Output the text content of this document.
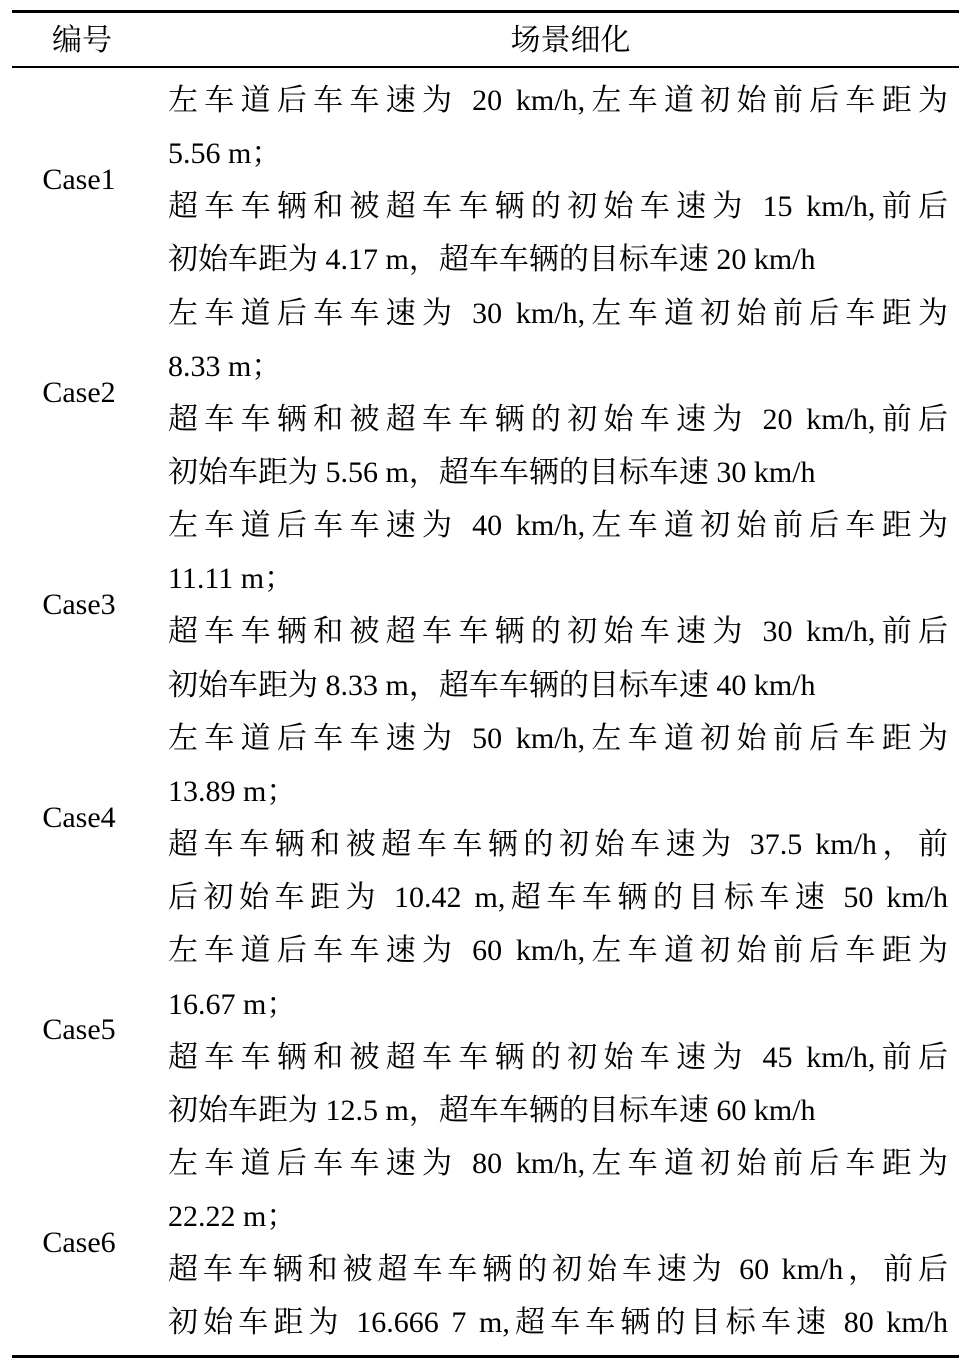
编号	场景细化
Case1
左车道后车车速为 20 km/h,左车道初始前后车距为
5.56 m；
超车车辆和被超车车辆的初始车速为 15 km/h,前后
初始车距为 4.17 m，超车车辆的目标车速 20 km/h
Case2
左车道后车车速为 30 km/h,左车道初始前后车距为
8.33 m；
超车车辆和被超车车辆的初始车速为 20 km/h,前后
初始车距为 5.56 m，超车车辆的目标车速 30 km/h
Case3
左车道后车车速为 40 km/h,左车道初始前后车距为
11.11 m；
超车车辆和被超车车辆的初始车速为 30 km/h,前后
初始车距为 8.33 m，超车车辆的目标车速 40 km/h
Case4
左车道后车车速为 50 km/h,左车道初始前后车距为
13.89 m；
超车车辆和被超车车辆的初始车速为 37.5 km/h，前
后初始车距为 10.42 m,超车车辆的目标车速 50 km/h
Case5
左车道后车车速为 60 km/h,左车道初始前后车距为
16.67 m；
超车车辆和被超车车辆的初始车速为 45 km/h,前后
初始车距为 12.5 m，超车车辆的目标车速 60 km/h
Case6
左车道后车车速为 80 km/h,左车道初始前后车距为
22.22 m；
超车车辆和被超车车辆的初始车速为 60 km/h，前后
初始车距为 16.666 7 m,超车车辆的目标车速 80 km/h
